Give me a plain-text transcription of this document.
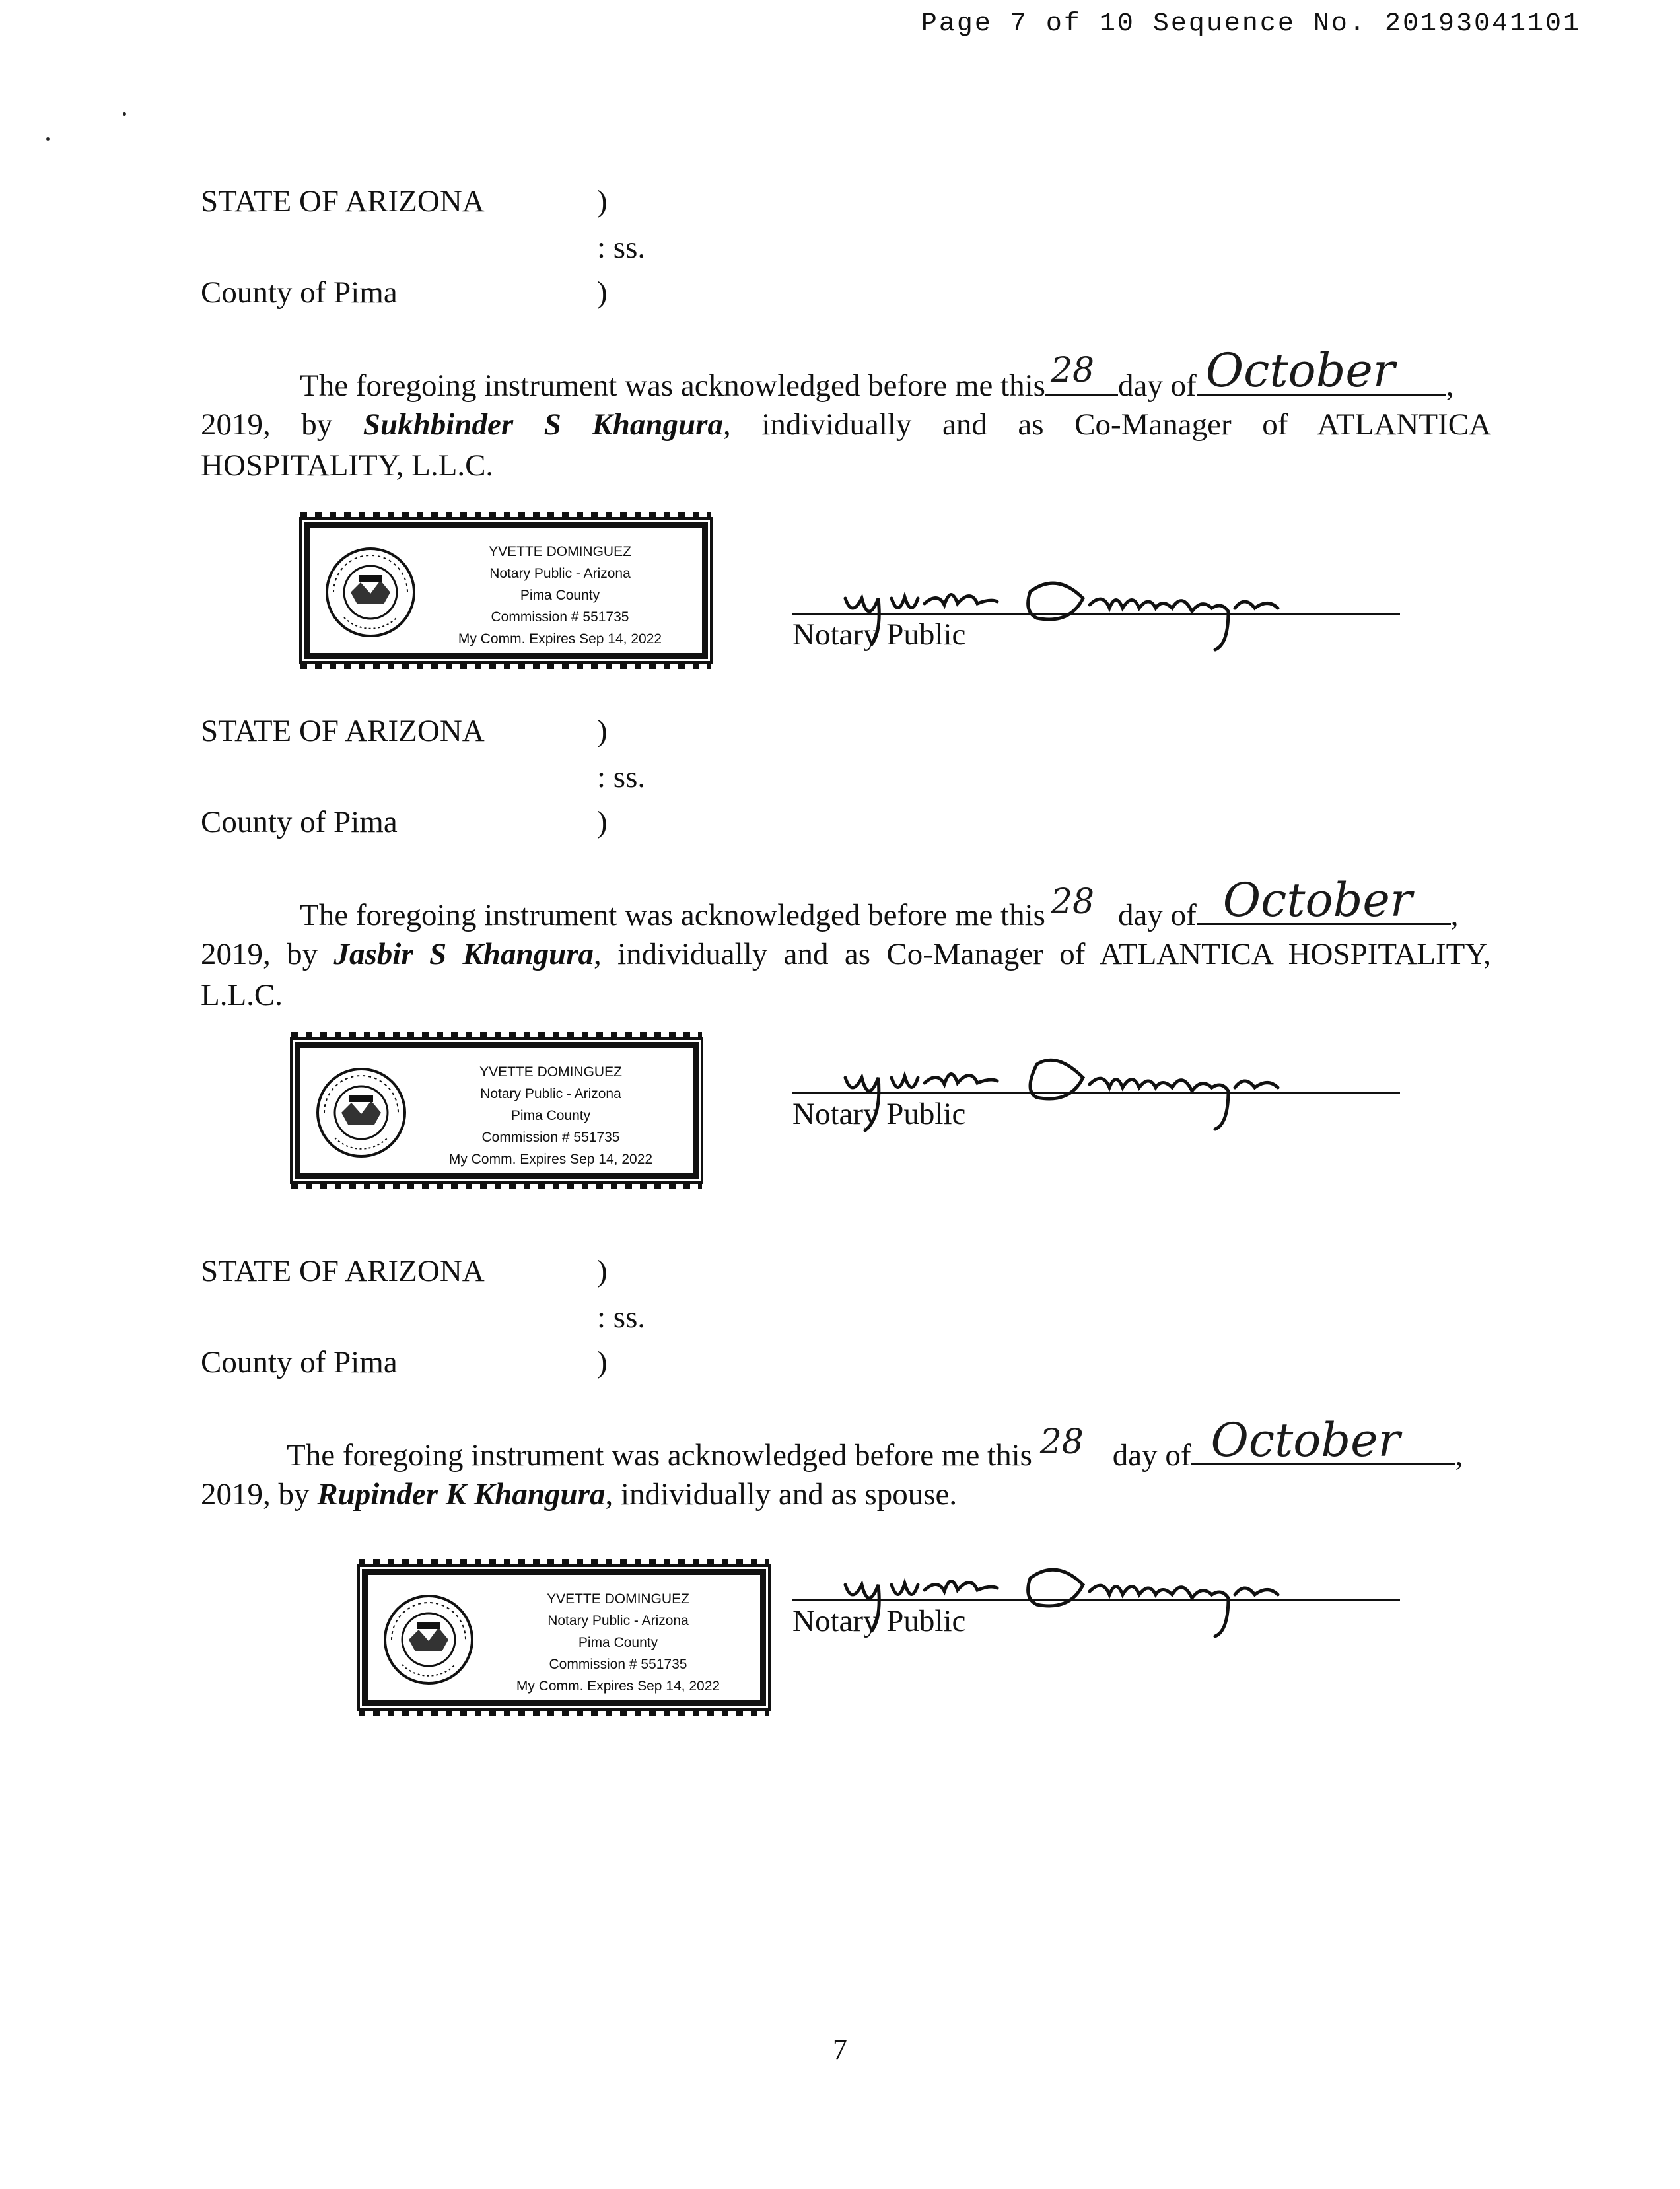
Page 7 of 10 Sequence No. 20193041101
STATE OF ARIZONA	)
: ss.
County of Pima	)
The foregoing instrument was acknowledged before me this 28 day of October ,
2019, by Sukhbinder S Khangura, individually and as Co-Manager of ATLANTICA
HOSPITALITY, L.L.C.
YVETTE DOMINGUEZ
Notary Public - Arizona
Pima County
Commission # 551735
My Comm. Expires Sep 14, 2022	Notary Public
STATE OF ARIZONA	)
: ss.
County of Pima	)
The foregoing instrument was acknowledged before me this 28 day of October ,
2019, by Jasbir S Khangura, individually and as Co-Manager of ATLANTICA HOSPITALITY,
L.L.C.
YVETTE DOMINGUEZ
Notary Public - Arizona
Pima County
Commission # 551735
My Comm. Expires Sep 14, 2022
Notary Public
STATE OF ARIZONA	)
: ss.
County of Pima	)
The foregoing instrument was acknowledged before me this 28 day of October ,
2019, by Rupinder K Khangura, individually and as spouse.
YVETTE DOMINGUEZ
Notary Public - Arizona
Pima County
Commission # 551735
My Comm. Expires Sep 14, 2022
Notary Public
7
